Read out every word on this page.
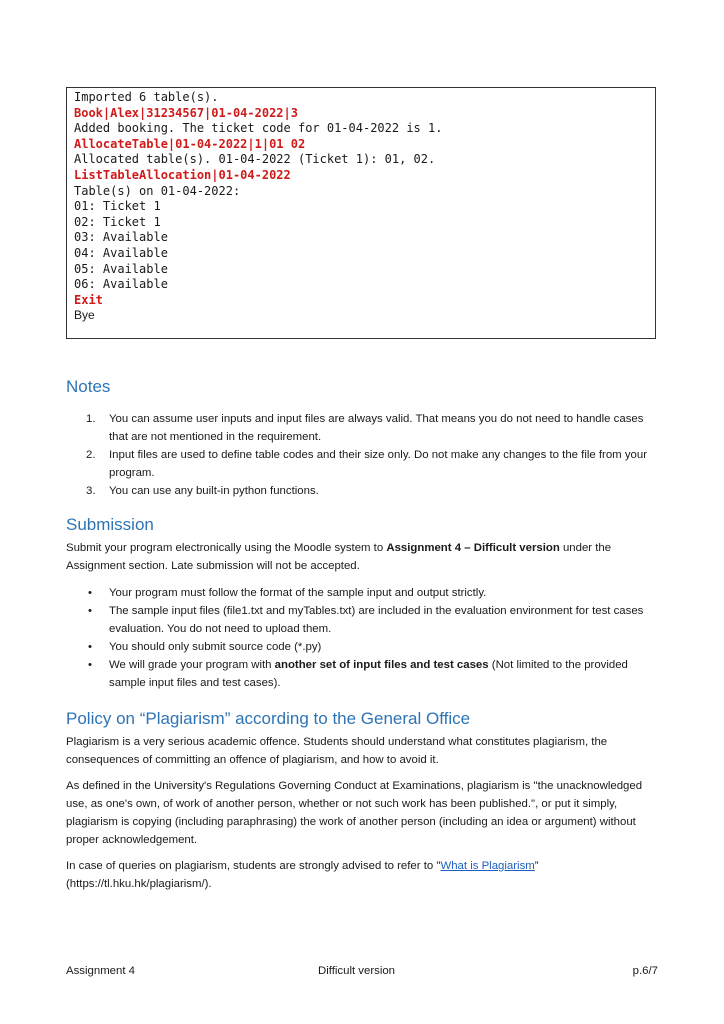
Imported 6 table(s).
Book|Alex|31234567|01-04-2022|3
Added booking. The ticket code for 01-04-2022 is 1.
AllocateTable|01-04-2022|1|01 02
Allocated table(s). 01-04-2022 (Ticket 1): 01, 02.
ListTableAllocation|01-04-2022
Table(s) on 01-04-2022:
01: Ticket 1
02: Ticket 1
03: Available
04: Available
05: Available
06: Available
Exit
Bye
Notes
1. You can assume user inputs and input files are always valid. That means you do not need to handle cases that are not mentioned in the requirement.
2. Input files are used to define table codes and their size only. Do not make any changes to the file from your program.
3. You can use any built-in python functions.
Submission

Submit your program electronically using the Moodle system to Assignment 4 – Difficult version under the Assignment section. Late submission will not be accepted.

• Your program must follow the format of the sample input and output strictly.
• The sample input files (file1.txt and myTables.txt) are included in the evaluation environment for test cases evaluation. You do not need to upload them.
• You should only submit source code (*.py)
• We will grade your program with another set of input files and test cases (Not limited to the provided sample input files and test cases).
Policy on “Plagiarism” according to the General Office

Plagiarism is a very serious academic offence. Students should understand what constitutes plagiarism, the consequences of committing an offence of plagiarism, and how to avoid it.

As defined in the University's Regulations Governing Conduct at Examinations, plagiarism is "the unacknowledged use, as one's own, of work of another person, whether or not such work has been published.", or put it simply, plagiarism is copying (including paraphrasing) the work of another person (including an idea or argument) without proper acknowledgement.

In case of queries on plagiarism, students are strongly advised to refer to "What is Plagiarism” (https://tl.hku.hk/plagiarism/).

Assignment 4	Difficult version	p.6/7
